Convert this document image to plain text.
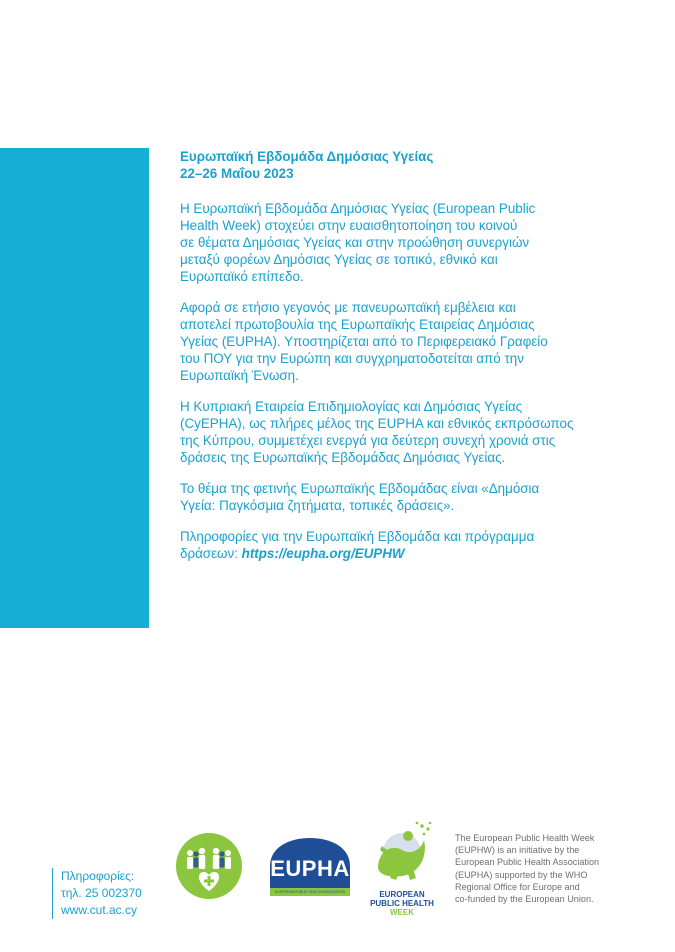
Ευρωπαϊκή Εβδομάδα Δημόσιας Υγείας
22–26 Μαΐου 2023

Η Ευρωπαϊκή Εβδομάδα Δημόσιας Υγείας (European Public
Health Week) στοχεύει στην ευαισθητοποίηση του κοινού
σε θέματα Δημόσιας Υγείας και στην προώθηση συνεργιών
μεταξύ φορέων Δημόσιας Υγείας σε τοπικό, εθνικό και
Ευρωπαϊκό επίπεδο.

Αφορά σε ετήσιο γεγονός με πανευρωπαϊκή εμβέλεια και
αποτελεί πρωτοβουλία της Ευρωπαϊκής Εταιρείας Δημόσιας
Υγείας (EUPHA). Υποστηρίζεται από το Περιφερειακό Γραφείο
του ΠΟΥ για την Ευρώπη και συγχρηματοδοτείται από την
Ευρωπαϊκή Ένωση.

Η Κυπριακή Εταιρεία Επιδημιολογίας και Δημόσιας Υγείας
(CyEPHA), ως πλήρες μέλος της EUPHA και εθνικός εκπρόσωπος
της Κύπρου, συμμετέχει ενεργά για δεύτερη συνεχή χρονιά στις
δράσεις της Ευρωπαϊκής Εβδομάδας Δημόσιας Υγείας.

Το θέμα της φετινής Ευρωπαϊκής Εβδομάδας είναι «Δημόσια
Υγεία: Παγκόσμια ζητήματα, τοπικές δράσεις».

Πληροφορίες για την Ευρωπαϊκή Εβδομάδα και πρόγραμμα
δράσεων: https://eupha.org/EUPHW

Πληροφορίες:
τηλ. 25 002370
www.cut.ac.cy
EUPHA
EUROPEAN PUBLIC HEALTH ASSOCIATION	EUROPEAN
PUBLIC HEALTH
WEEK
The European Public Health Week
(EUPHW) is an initiative by the
European Public Health Association
(EUPHA) supported by the WHO
Regional Office for Europe and
co-funded by the European Union.
